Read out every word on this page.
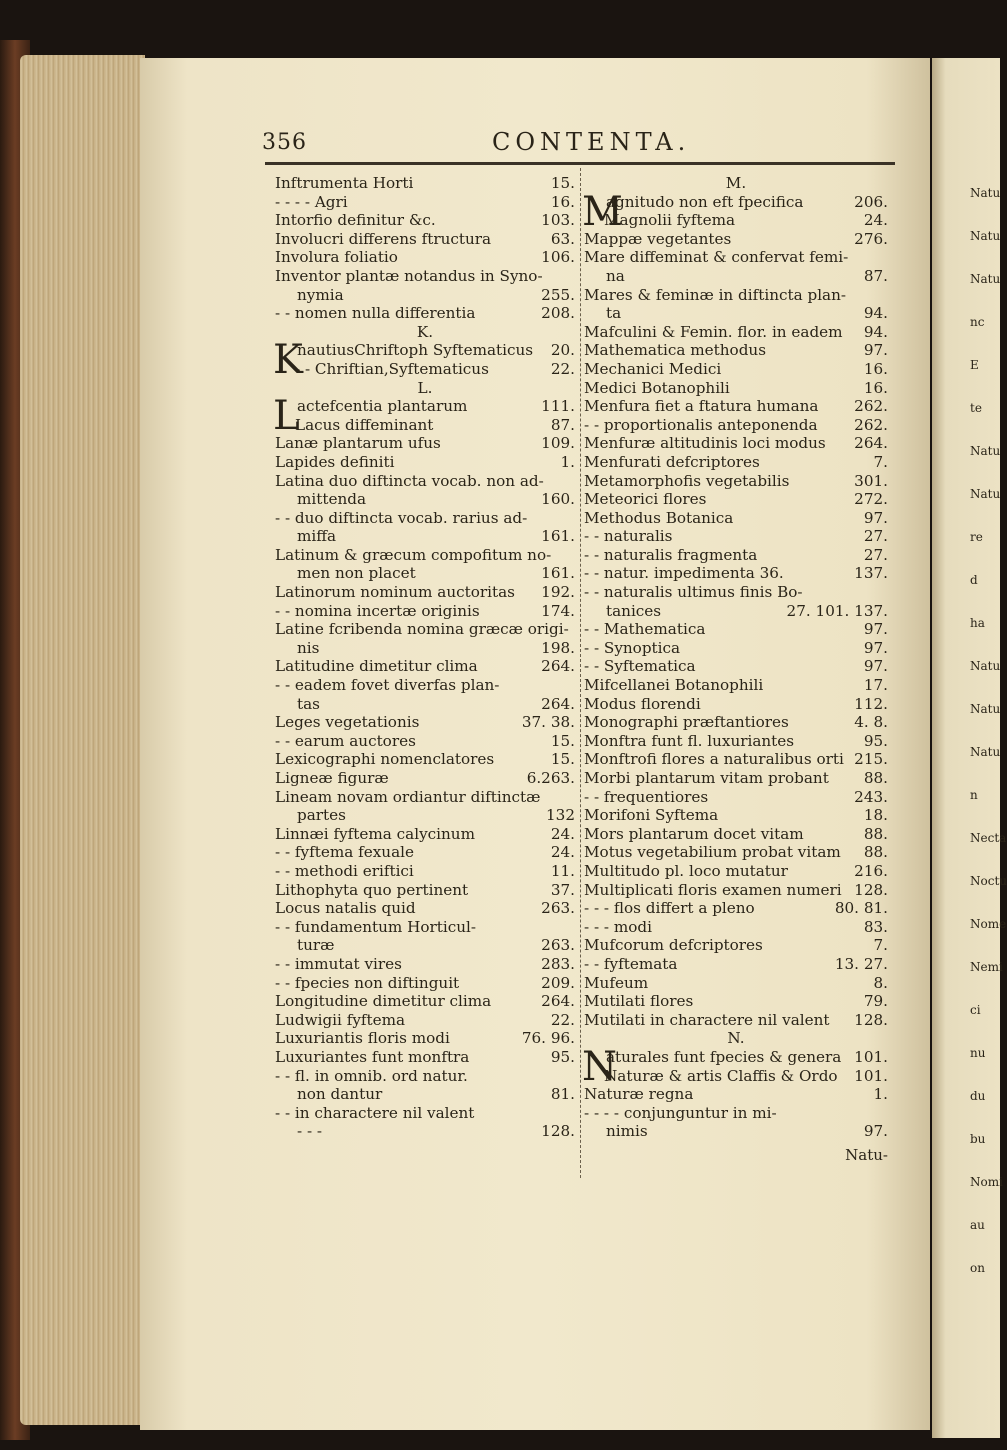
356	CONTENTA.
Inftrumenta Horti	15.
- - - - Agri	16.
Intorfio definitur &c.	103.
Involucri differens ftructura	63.
Involura foliatio	106.
Inventor plantæ notandus in Syno-
nymia	255.
- - nomen nulla differentia	208.
K.
K
nautiusChriftoph Syftematicus 20.
- - Chriftian,Syftematicus	22.
L.
L
actefcentia plantarum	111.
Lacus diffeminant	87.
Lanæ plantarum ufus	109.
Lapides definiti	1.
Latina duo diftincta vocab. non ad-
mittenda	160.
- - duo diftincta vocab. rarius ad-
miffa	161.
Latinum & græcum compofitum no-
men non placet	161.
Latinorum nominum auctoritas 192.
- - nomina incertæ originis	174.
Latine fcribenda nomina græcæ origi-
nis	198.
Latitudine dimetitur clima	264.
- - eadem fovet diverfas plan-
tas	264.
Leges vegetationis	37. 38.
- - earum auctores	15.
Lexicographi nomenclatores	15.
Ligneæ figuræ	6.263.
Lineam novam ordiantur diftinctæ
partes	132
Linnæi fyftema calycinum	24.
- - fyftema fexuale	24.
- - methodi eriftici	11.
Lithophyta quo pertinent	37.
Locus natalis quid	263.
- - fundamentum Horticul-
turæ	263.
- - immutat vires	283.
- - fpecies non diftinguit	209.
Longitudine dimetitur clima	264.
Ludwigii fyftema	22.
Luxuriantis floris modi	76. 96.
Luxuriantes funt monftra	95.
- - fl. in omnib. ord natur.
non dantur	81.
- - in charactere nil valent
- - -	128.
M.
M
agnitudo non eft fpecifica	206.
Magnolii fyftema	24.
Mappæ vegetantes	276.
Mare diffeminat & confervat femi-
na	87.
Mares & feminæ in diftincta plan-
ta	94.
Mafculini & Femin. flor. in eadem 94.
Mathematica methodus	97.
Mechanici Medici	16.
Medici Botanophili	16.
Menfura fiet a ftatura humana 262.
- - proportionalis anteponenda 262.
Menfuræ altitudinis loci modus 264.
Menfurati defcriptores	7.
Metamorphofis vegetabilis	301.
Meteorici flores	272.
Methodus Botanica	97.
- - naturalis	27.
- - naturalis fragmenta	27.
- - natur. impedimenta 36.	137.
- - naturalis ultimus finis Bo-
tanices	27. 101. 137.
- - Mathematica	97.
- - Synoptica	97.
- - Syftematica	97.
Mifcellanei Botanophili	17.
Modus florendi	112.
Monographi præftantiores	4. 8.
Monftra funt fl. luxuriantes	95.
Monftrofi flores a naturalibus orti 215.
Morbi plantarum vitam probant 88.
- - frequentiores	243.
Morifoni Syftema	18.
Mors plantarum docet vitam	88.
Motus vegetabilium probat vitam 88.
Multitudo pl. loco mutatur	216.
Multiplicati floris examen numeri 128.
- - - flos differt a pleno	80. 81.
- - - modi	83.
Mufcorum defcriptores	7.
- - fyftemata	13. 27.
Mufeum	8.
Mutilati flores	79.
Mutilati in charactere nil valent 128.
N.
N
aturales funt fpecies & genera 101.
Naturæ & artis Claffis & Ordo 101.
Naturæ regna	1.
- - - - conjunguntur in mi-
nimis	97.
Natu-
Natu
Natu
Natu
nc
E
te
Natu
Natu
re
d
ha
Natu
Natu
Natu
n
Necta
Noctu
Nome
Nemi
ci
nu
du
bu
Nomi
au
on
